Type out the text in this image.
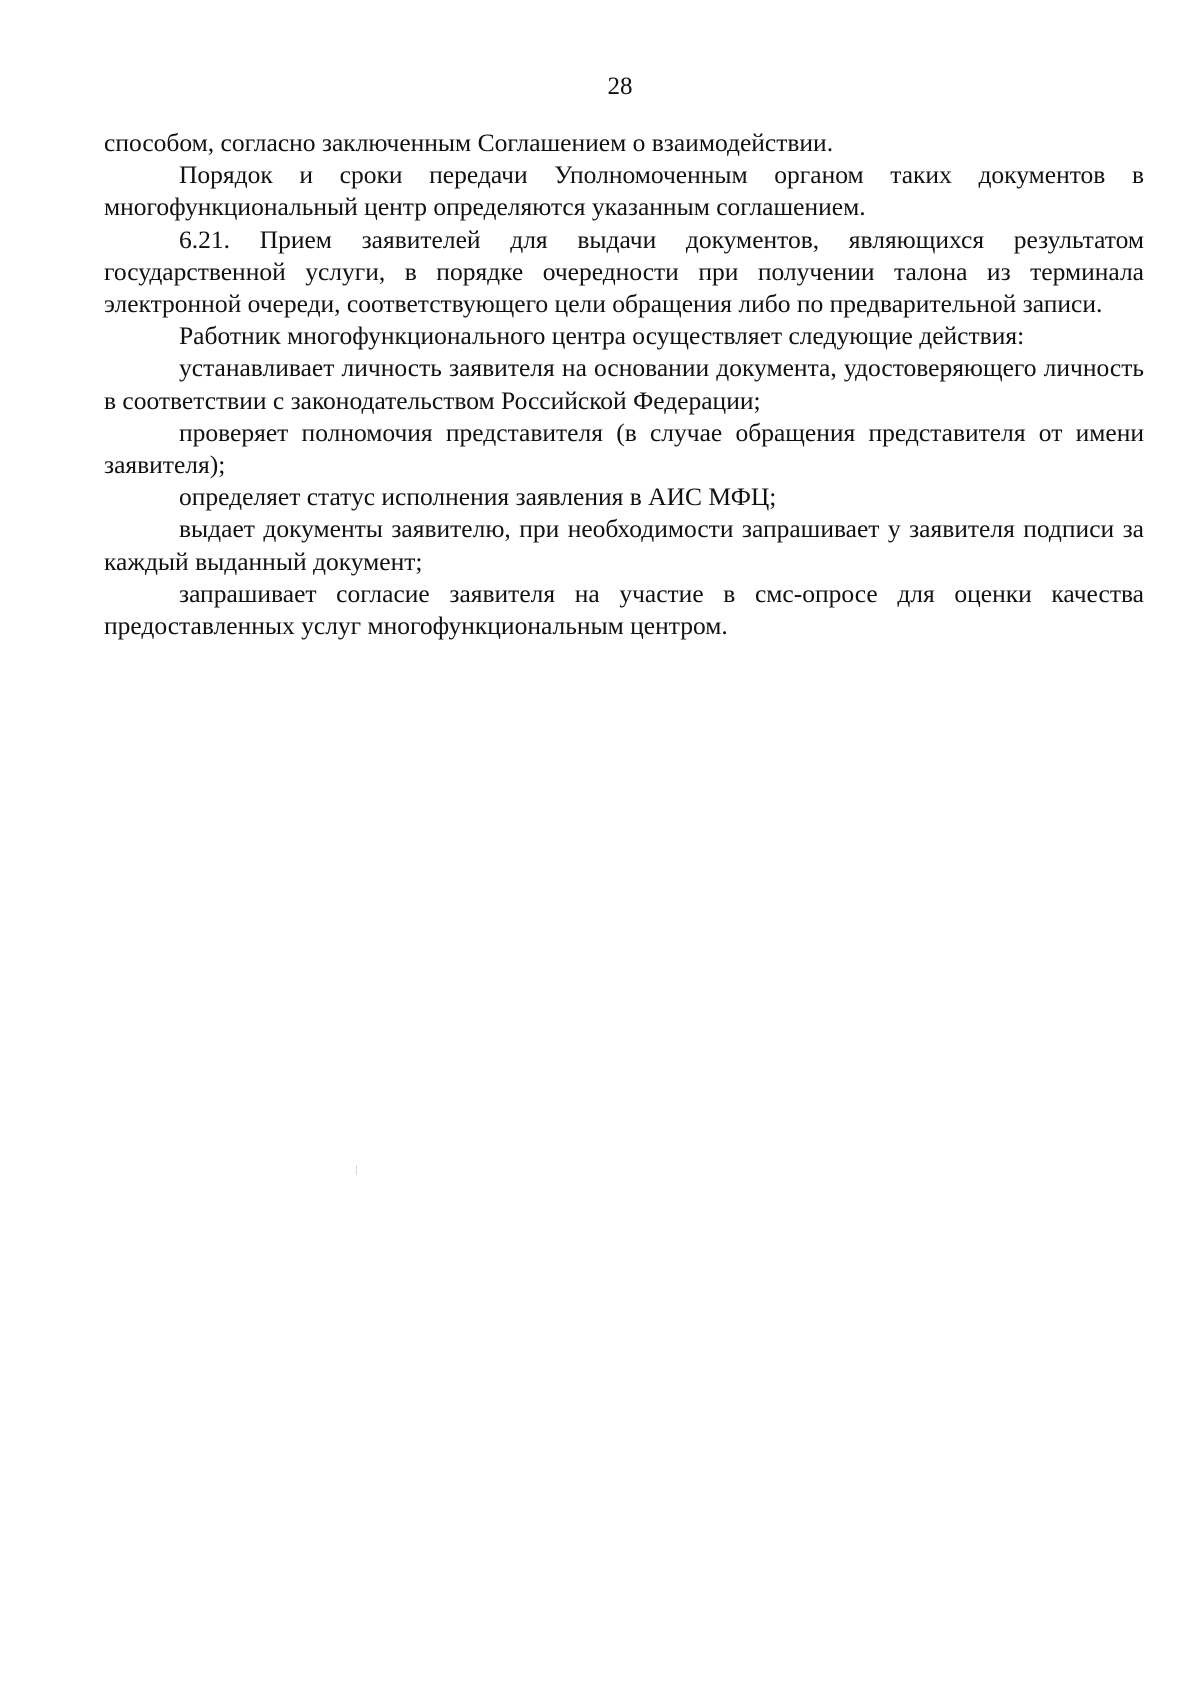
28

способом, согласно заключенным Соглашением о взаимодействии.

Порядок и сроки передачи Уполномоченным органом таких документов в многофункциональный центр определяются указанным соглашением.

6.21. Прием заявителей для выдачи документов, являющихся результатом государственной услуги, в порядке очередности при получении талона из терминала электронной очереди, соответствующего цели обращения либо по предварительной записи.

Работник многофункционального центра осуществляет следующие действия:

устанавливает личность заявителя на основании документа, удостоверяющего личность в соответствии с законодательством Российской Федерации;

проверяет полномочия представителя (в случае обращения представителя от имени заявителя);

определяет статус исполнения заявления в АИС МФЦ;

выдает документы заявителю, при необходимости запрашивает у заявителя подписи за каждый выданный документ;

запрашивает согласие заявителя на участие в смс-опросе для оценки качества предоставленных услуг многофункциональным центром.
